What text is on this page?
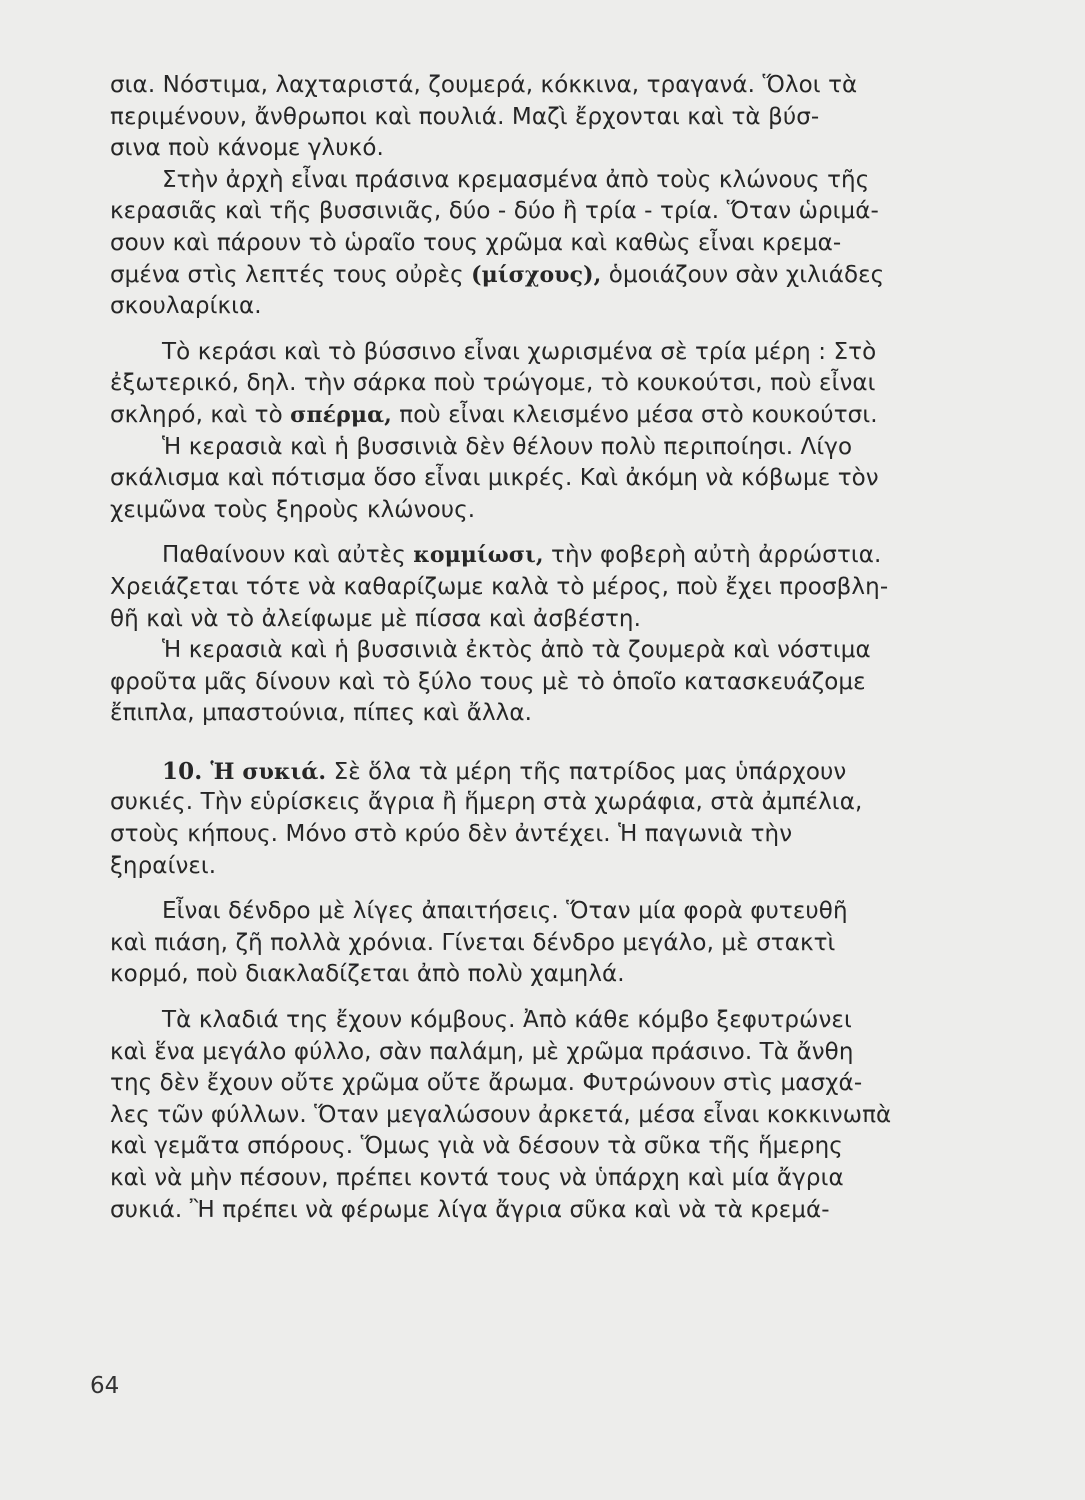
σια. Νόστιμα, λαχταριστά, ζουμερά, κόκκινα, τραγανά. Ὅλοι τὰ
περιμένουν, ἄνθρωποι καὶ πουλιά. Μαζὶ ἔρχονται καὶ τὰ βύσ-
σινα ποὺ κάνομε γλυκό.
Στὴν ἀρχὴ εἶναι πράσινα κρεμασμένα ἀπὸ τοὺς κλώνους τῆς
κερασιᾶς καὶ τῆς βυσσινιᾶς, δύο - δύο ἢ τρία - τρία. Ὅταν ὡριμά-
σουν καὶ πάρουν τὸ ὡραῖο τους χρῶμα καὶ καθὼς εἶναι κρεμα-
σμένα στὶς λεπτές τους οὐρὲς (μίσχους), ὁμοιάζουν σὰν χιλιάδες
σκουλαρίκια.
Τὸ κεράσι καὶ τὸ βύσσινο εἶναι χωρισμένα σὲ τρία μέρη : Στὸ
ἐξωτερικό, δηλ. τὴν σάρκα ποὺ τρώγομε, τὸ κουκούτσι, ποὺ εἶναι
σκληρό, καὶ τὸ σπέρμα, ποὺ εἶναι κλεισμένο μέσα στὸ κουκούτσι.
Ἡ κερασιὰ καὶ ἡ βυσσινιὰ δὲν θέλουν πολὺ περιποίησι. Λίγο
σκάλισμα καὶ πότισμα ὅσο εἶναι μικρές. Καὶ ἀκόμη νὰ κόβωμε τὸν
χειμῶνα τοὺς ξηροὺς κλώνους.
Παθαίνουν καὶ αὐτὲς κομμίωσι, τὴν φοβερὴ αὐτὴ ἀρρώστια.
Χρειάζεται τότε νὰ καθαρίζωμε καλὰ τὸ μέρος, ποὺ ἔχει προσβλη-
θῆ καὶ νὰ τὸ ἀλείφωμε μὲ πίσσα καὶ ἀσβέστη.
Ἡ κερασιὰ καὶ ἡ βυσσινιὰ ἐκτὸς ἀπὸ τὰ ζουμερὰ καὶ νόστιμα
φροῦτα μᾶς δίνουν καὶ τὸ ξύλο τους μὲ τὸ ὁποῖο κατασκευάζομε
ἔπιπλα, μπαστούνια, πίπες καὶ ἄλλα.
10. Ἡ συκιά. Σὲ ὅλα τὰ μέρη τῆς πατρίδος μας ὑπάρχουν
συκιές. Τὴν εὑρίσκεις ἄγρια ἢ ἥμερη στὰ χωράφια, στὰ ἀμπέλια,
στοὺς κήπους. Μόνο στὸ κρύο δὲν ἀντέχει. Ἡ παγωνιὰ τὴν
ξηραίνει.
Εἶναι δένδρο μὲ λίγες ἀπαιτήσεις. Ὅταν μία φορὰ φυτευθῆ
καὶ πιάση, ζῆ πολλὰ χρόνια. Γίνεται δένδρο μεγάλο, μὲ στακτὶ
κορμό, ποὺ διακλαδίζεται ἀπὸ πολὺ χαμηλά.
Τὰ κλαδιά της ἔχουν κόμβους. Ἀπὸ κάθε κόμβο ξεφυτρώνει
καὶ ἕνα μεγάλο φύλλο, σὰν παλάμη, μὲ χρῶμα πράσινο. Τὰ ἄνθη
της δὲν ἔχουν οὔτε χρῶμα οὔτε ἄρωμα. Φυτρώνουν στὶς μασχά-
λες τῶν φύλλων. Ὅταν μεγαλώσουν ἀρκετά, μέσα εἶναι κοκκινωπὰ
καὶ γεμᾶτα σπόρους. Ὅμως γιὰ νὰ δέσουν τὰ σῦκα τῆς ἥμερης
καὶ νὰ μὴν πέσουν, πρέπει κοντά τους νὰ ὑπάρχη καὶ μία ἄγρια
συκιά. Ἢ πρέπει νὰ φέρωμε λίγα ἄγρια σῦκα καὶ νὰ τὰ κρεμά-
64
